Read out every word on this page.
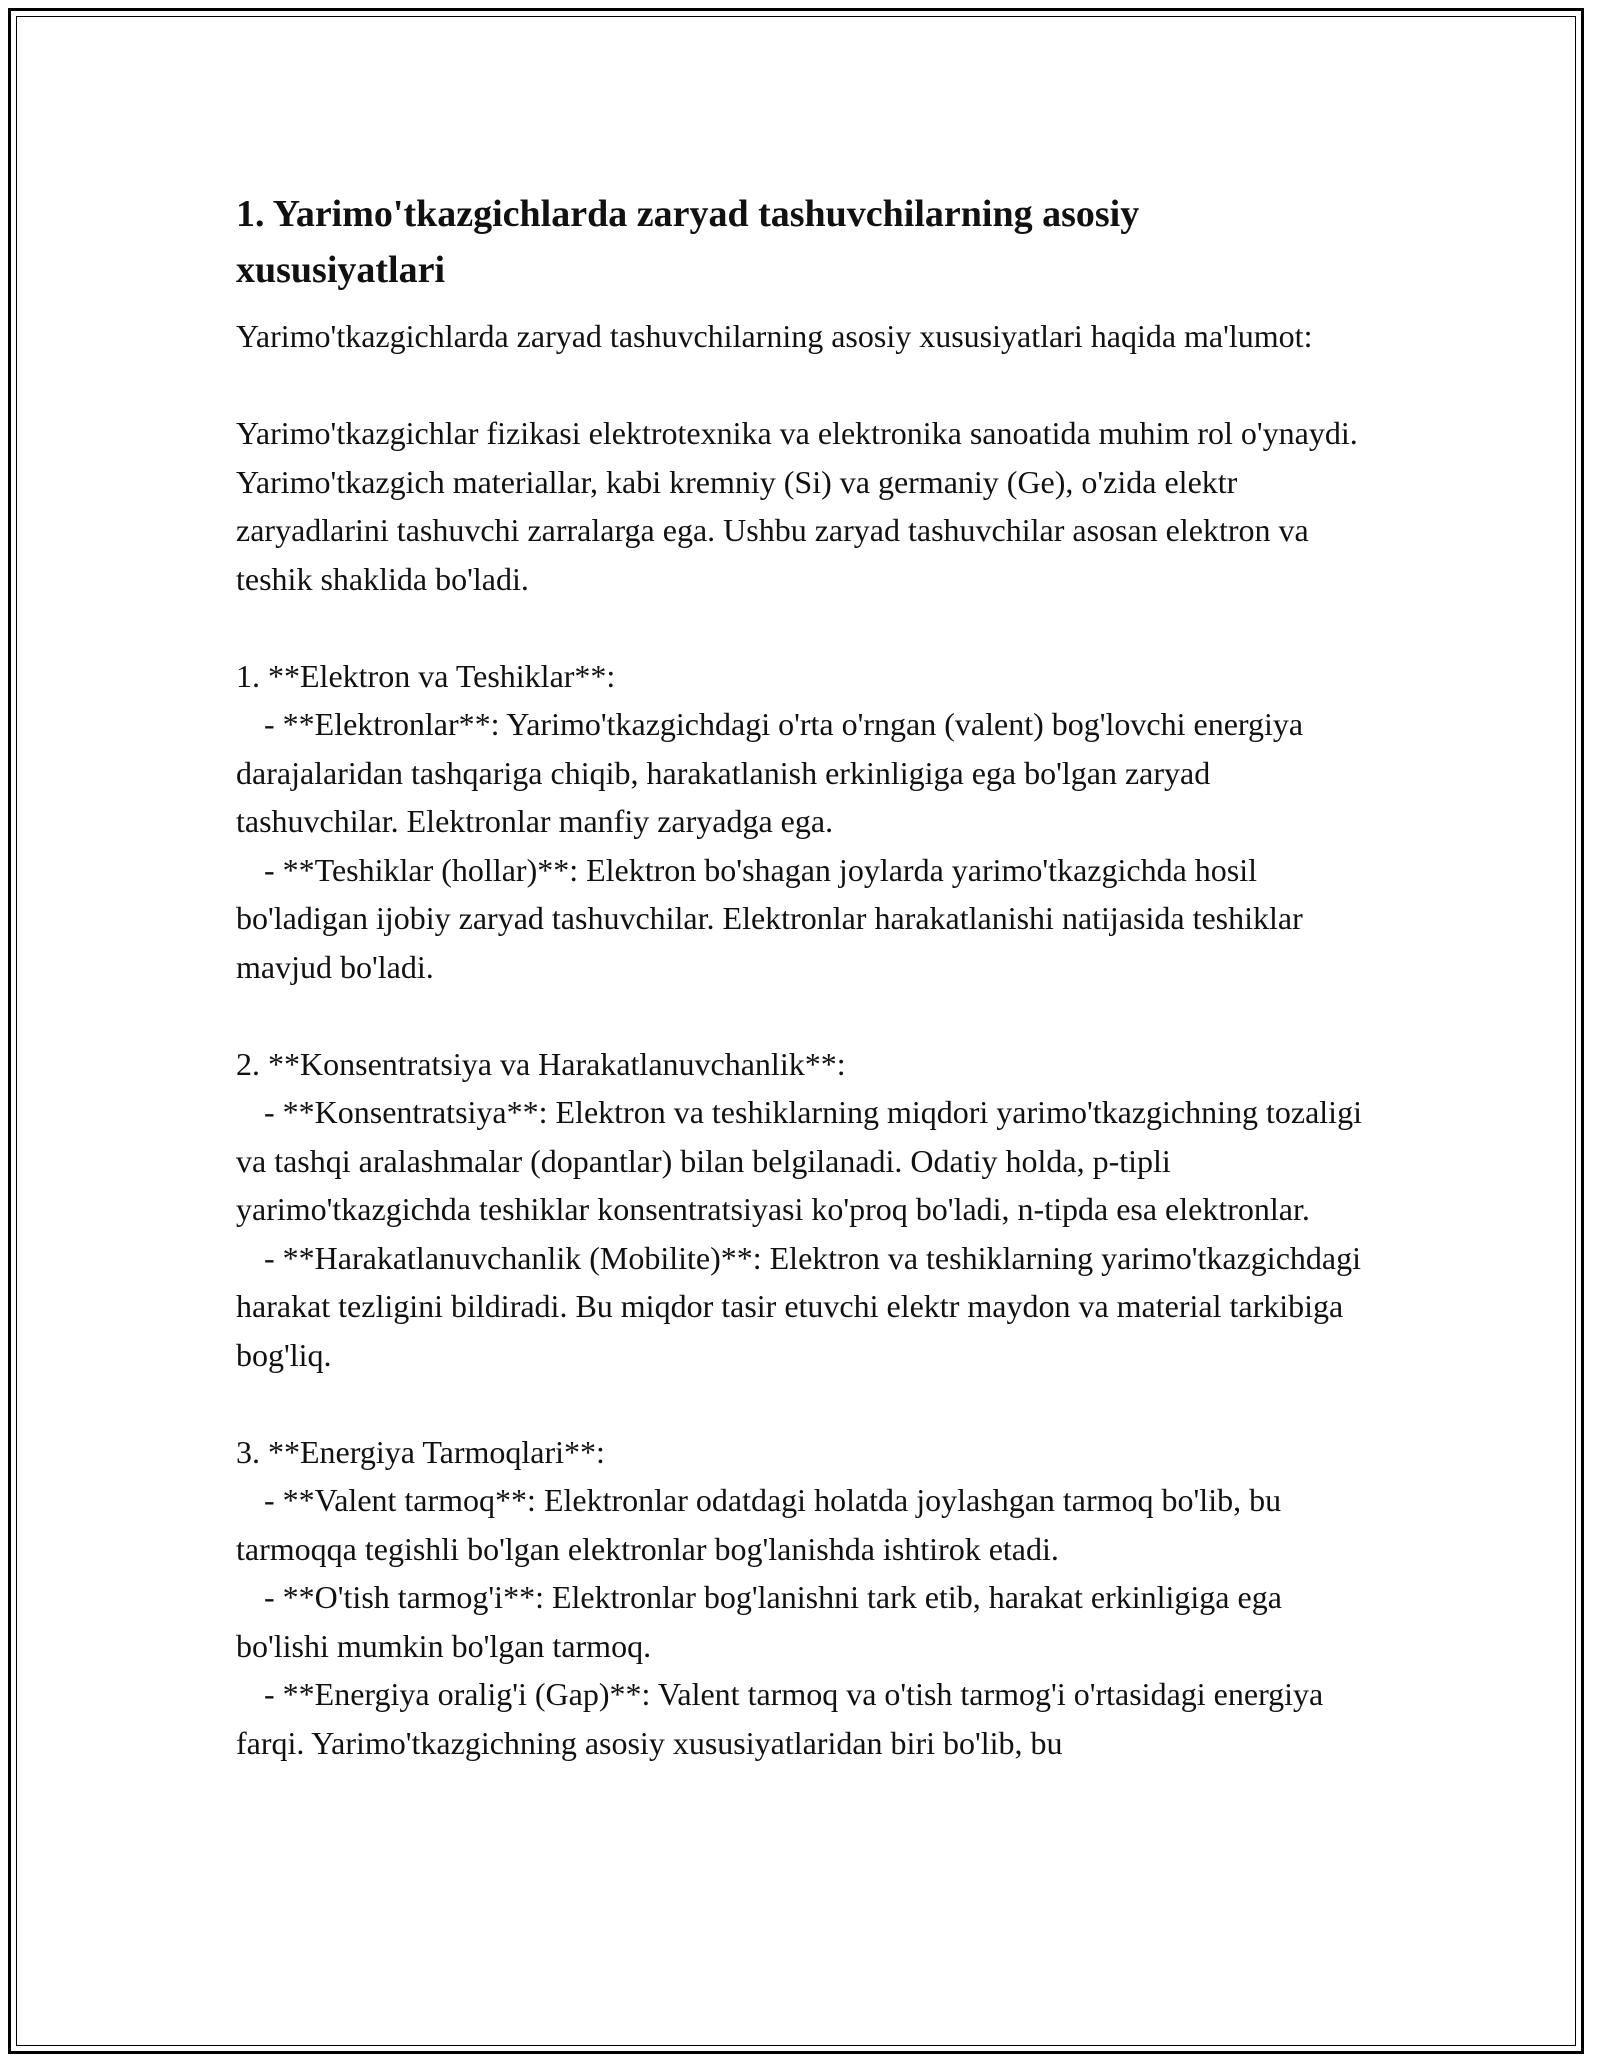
1. Yarimo'tkazgichlarda zaryad tashuvchilarning asosiy xususiyatlari

Yarimo'tkazgichlarda zaryad tashuvchilarning asosiy xususiyatlari haqida ma'lumot:

Yarimo'tkazgichlar fizikasi elektrotexnika va elektronika sanoatida muhim rol o'ynaydi. Yarimo'tkazgich materiallar, kabi kremniy (Si) va germaniy (Ge), o'zida elektr zaryadlarini tashuvchi zarralarga ega. Ushbu zaryad tashuvchilar asosan elektron va teshik shaklida bo'ladi.

1. **Elektron va Teshiklar**:

- **Elektronlar**: Yarimo'tkazgichdagi o'rta o'rngan (valent) bog'lovchi energiya darajalaridan tashqariga chiqib, harakatlanish erkinligiga ega bo'lgan zaryad tashuvchilar. Elektronlar manfiy zaryadga ega.

- **Teshiklar (hollar)**: Elektron bo'shagan joylarda yarimo'tkazgichda hosil bo'ladigan ijobiy zaryad tashuvchilar. Elektronlar harakatlanishi natijasida teshiklar mavjud bo'ladi.

2. **Konsentratsiya va Harakatlanuvchanlik**:

- **Konsentratsiya**: Elektron va teshiklarning miqdori yarimo'tkazgichning tozaligi va tashqi aralashmalar (dopantlar) bilan belgilanadi. Odatiy holda, p-tipli yarimo'tkazgichda teshiklar konsentratsiyasi ko'proq bo'ladi, n-tipda esa elektronlar.

- **Harakatlanuvchanlik (Mobilite)**: Elektron va teshiklarning yarimo'tkazgichdagi harakat tezligini bildiradi. Bu miqdor tasir etuvchi elektr maydon va material tarkibiga bog'liq.

3. **Energiya Tarmoqlari**:

- **Valent tarmoq**: Elektronlar odatdagi holatda joylashgan tarmoq bo'lib, bu tarmoqqa tegishli bo'lgan elektronlar bog'lanishda ishtirok etadi.

- **O'tish tarmog'i**: Elektronlar bog'lanishni tark etib, harakat erkinligiga ega bo'lishi mumkin bo'lgan tarmoq.

- **Energiya oralig'i (Gap)**: Valent tarmoq va o'tish tarmog'i o'rtasidagi energiya farqi. Yarimo'tkazgichning asosiy xususiyatlaridan biri bo'lib, bu
